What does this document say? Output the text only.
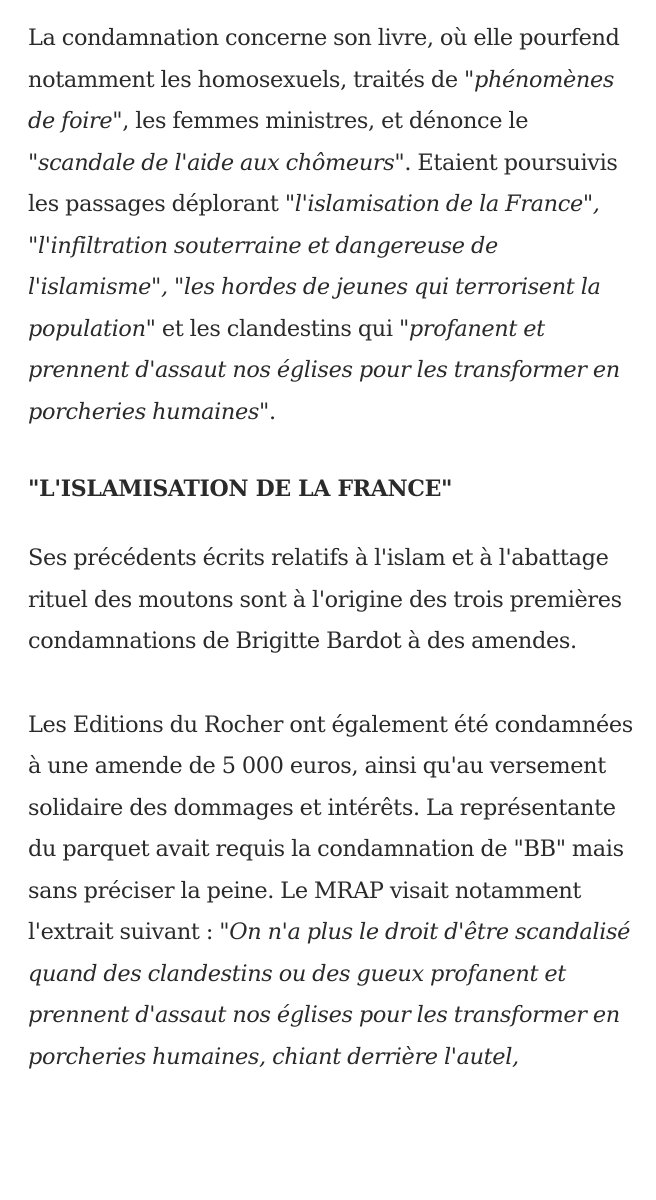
La condamnation concerne son livre, où elle pourfend notamment les homosexuels, traités de "phénomènes de foire", les femmes ministres, et dénonce le "scandale de l'aide aux chômeurs". Etaient poursuivis les passages déplorant "l'islamisation de la France", "l'infiltration souterraine et dangereuse de l'islamisme", "les hordes de jeunes qui terrorisent la population" et les clandestins qui "profanent et prennent d'assaut nos églises pour les transformer en porcheries humaines".

"L'ISLAMISATION DE LA FRANCE"

Ses précédents écrits relatifs à l'islam et à l'abattage rituel des moutons sont à l'origine des trois premières condamnations de Brigitte Bardot à des amendes.

Les Editions du Rocher ont également été condamnées à une amende de 5 000 euros, ainsi qu'au versement solidaire des dommages et intérêts. La représentante du parquet avait requis la condamnation de "BB" mais sans préciser la peine. Le MRAP visait notamment l'extrait suivant : "On n'a plus le droit d'être scandalisé quand des clandestins ou des gueux profanent et prennent d'assaut nos églises pour les transformer en porcheries humaines, chiant derrière l'autel,
